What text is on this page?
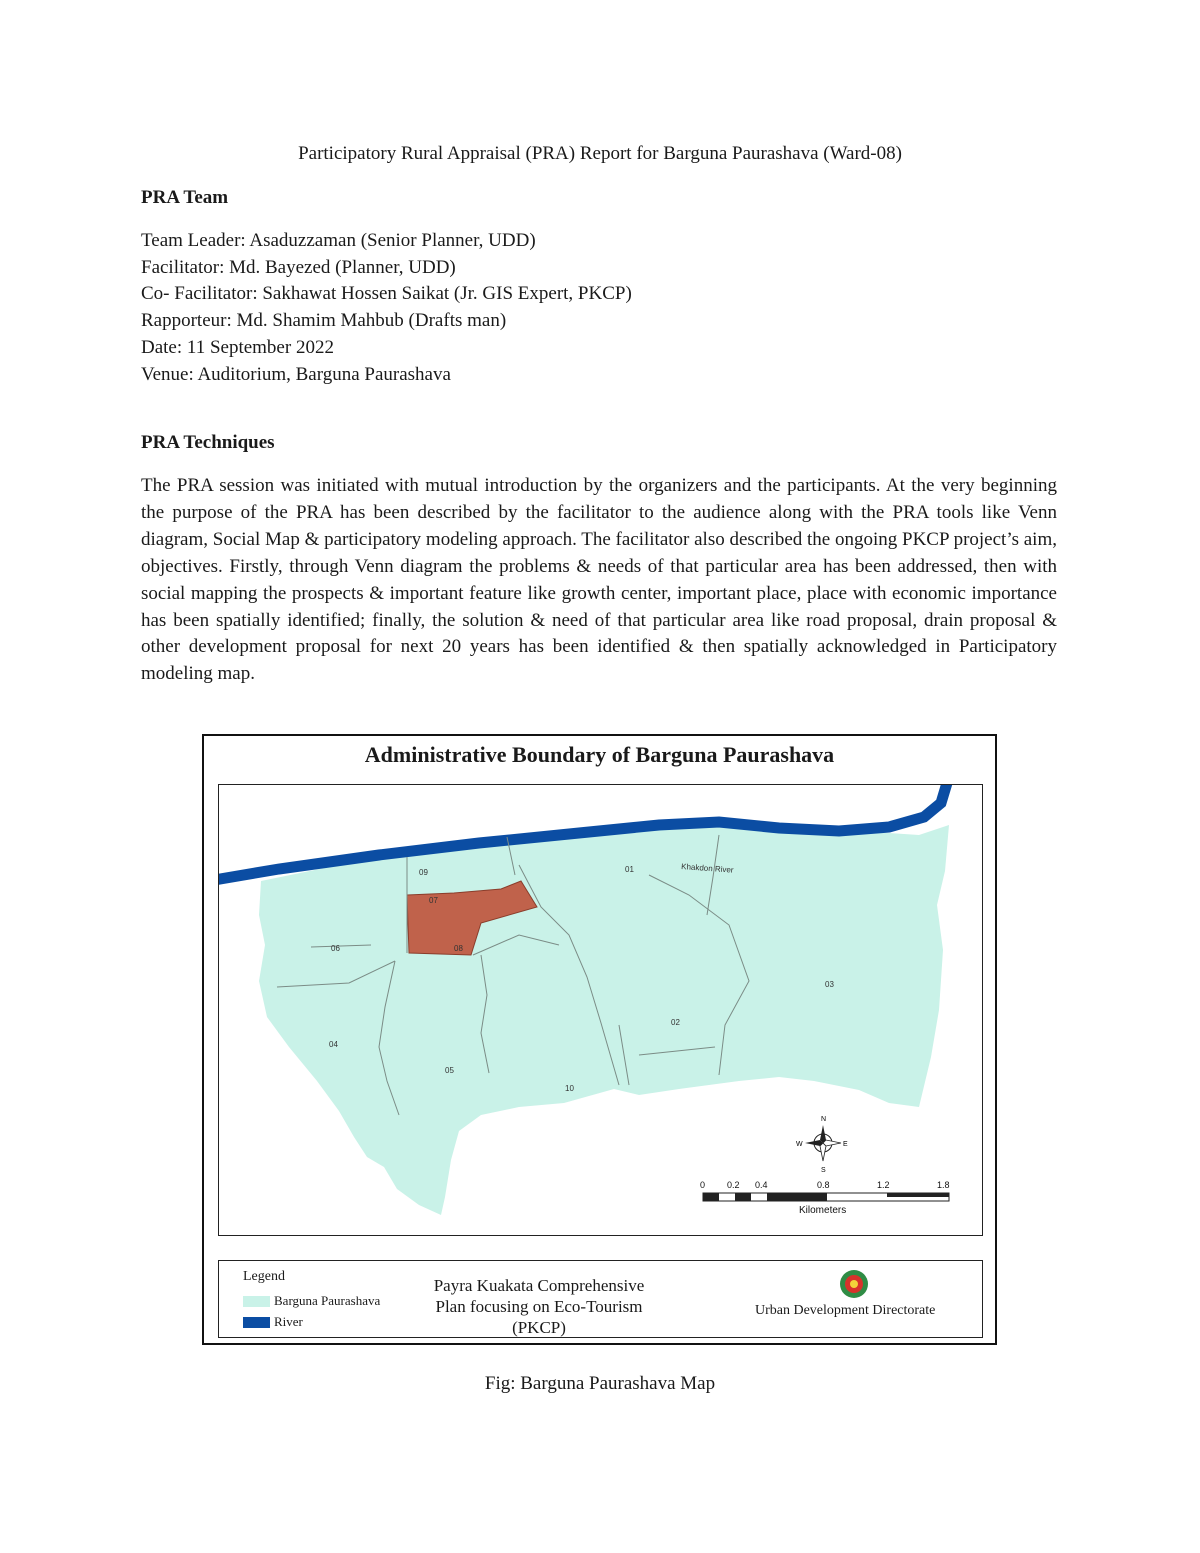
Participatory Rural Appraisal (PRA) Report for Barguna Paurashava (Ward-08)
PRA Team
Team Leader: Asaduzzaman (Senior Planner, UDD)
Facilitator: Md. Bayezed (Planner, UDD)
Co- Facilitator: Sakhawat Hossen Saikat (Jr. GIS Expert, PKCP)
Rapporteur: Md. Shamim Mahbub (Drafts man)
Date: 11 September 2022
Venue: Auditorium, Barguna Paurashava
PRA Techniques

The PRA session was initiated with mutual introduction by the organizers and the participants. At the very beginning the purpose of the PRA has been described by the facilitator to the audience along with the PRA tools like Venn diagram, Social Map & participatory modeling approach. The facilitator also described the ongoing PKCP project’s aim, objectives. Firstly, through Venn diagram the problems & needs of that particular area has been addressed, then with social mapping the prospects & important feature like growth center, important place, place with economic importance has been spatially identified; finally, the solution & need of that particular area like road proposal, drain proposal & other development proposal for next 20 years has been identified & then spatially acknowledged in Participatory modeling map.

Administrative Boundary of Barguna Paurashava
01
02
03
04
05
06
07
08
09
10
Khakdon River
N
S
E
W
0 0.2 0.4	0.8	1.2	1.8
Kilometers
Legend
Barguna Paurashava
River
Payra Kuakata Comprehensive Plan focusing on Eco-Tourism (PKCP)
Urban Development Directorate
Fig: Barguna Paurashava Map
